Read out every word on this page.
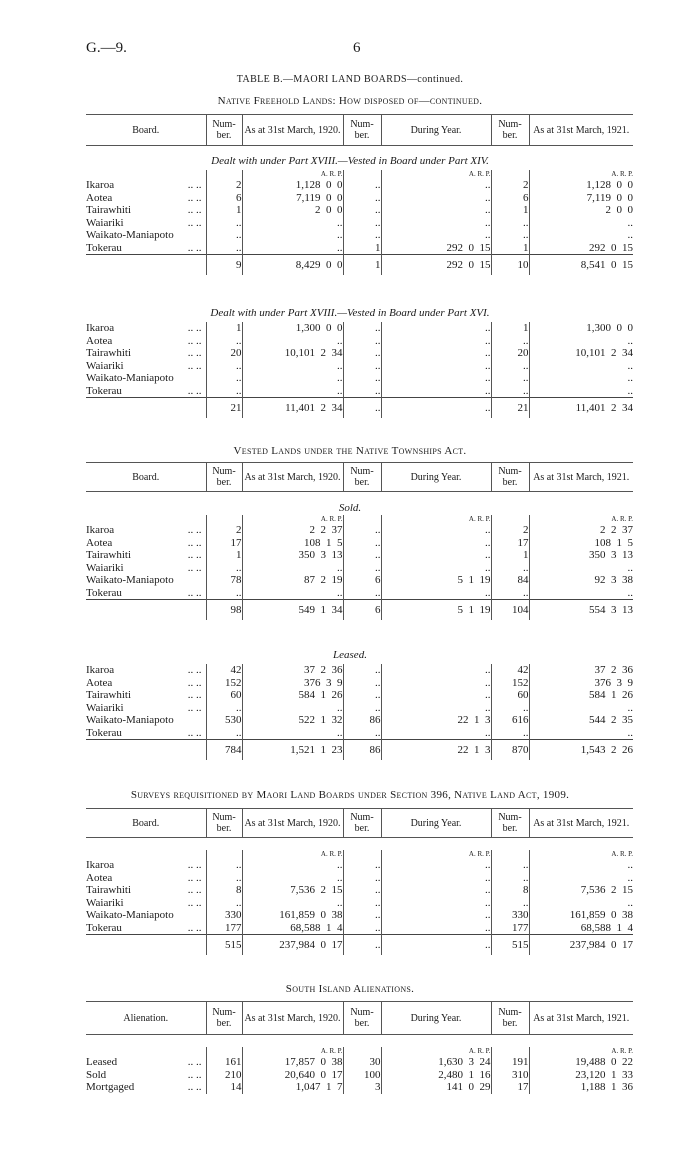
G.—9.	6
TABLE B.—MAORI LAND BOARDS—continued.
Native Freehold Lands: How disposed of—continued.
Board.	Num-ber.	As at 31st March, 1920.	Num-ber.	During Year.	Num-ber.	As at 31st March, 1921.
Dealt with under Part XVIII.—Vested in Board under Part XIV.
		A. R. P.		A. R. P.		A. R. P.
Ikaroa .. ..	2	1,128 0 0	..	..	2	1,128 0 0
Aotea .. ..	6	7,119 0 0	..	..	6	7,119 0 0
Tairawhiti .. ..	1	2 0 0	..	..	1	2 0 0
Waiariki .. ..	..	..	..	..	..	..
Waikato-Maniapoto	..	..	..	..	..	..
Tokerau .. ..	..	..	1	292 0 15	1	292 0 15
	9	8,429 0 0	1	292 0 15	10	8,541 0 15
Dealt with under Part XVIII.—Vested in Board under Part XVI.
Ikaroa .. ..	1	1,300 0 0	..	..	1	1,300 0 0
Aotea .. ..	..	..	..	..	..	..
Tairawhiti .. ..	20	10,101 2 34	..	..	20	10,101 2 34
Waiariki .. ..	..	..	..	..	..	..
Waikato-Maniapoto	..	..	..	..	..	..
Tokerau .. ..	..	..	..	..	..	..
	21	11,401 2 34	..	..	21	11,401 2 34
Vested Lands under the Native Townships Act.
Board.	Num-ber.	As at 31st March, 1920.	Num-ber.	During Year.	Num-ber.	As at 31st March, 1921.
Sold.
		A. R. P.		A. R. P.		A. R. P.
Ikaroa .. ..	2	2 2 37	..	..	2	2 2 37
Aotea .. ..	17	108 1 5	..	..	17	108 1 5
Tairawhiti .. ..	1	350 3 13	..	..	1	350 3 13
Waiariki .. ..	..	..	..	..	..	..
Waikato-Maniapoto	78	87 2 19	6	5 1 19	84	92 3 38
Tokerau .. ..	..	..	..	..	..	..
	98	549 1 34	6	5 1 19	104	554 3 13
Leased.
Ikaroa .. ..	42	37 2 36	..	..	42	37 2 36
Aotea .. ..	152	376 3 9	..	..	152	376 3 9
Tairawhiti .. ..	60	584 1 26	..	..	60	584 1 26
Waiariki .. ..	..	..	..	..	..	..
Waikato-Maniapoto	530	522 1 32	86	22 1 3	616	544 2 35
Tokerau .. ..	..	..	..	..	..	..
	784	1,521 1 23	86	22 1 3	870	1,543 2 26
Surveys requisitioned by Maori Land Boards under Section 396, Native Land Act, 1909.
Board.	Num-ber.	As at 31st March, 1920.	Num-ber.	During Year.	Num-ber.	As at 31st March, 1921.
		A. R. P.		A. R. P.		A. R. P.
Ikaroa .. ..	..	..	..	..	..	..
Aotea .. ..	..	..	..	..	..	..
Tairawhiti .. ..	8	7,536 2 15	..	..	8	7,536 2 15
Waiariki .. ..	..	..	..	..	..	..
Waikato-Maniapoto	330	161,859 0 38	..	..	330	161,859 0 38
Tokerau .. ..	177	68,588 1 4	..	..	177	68,588 1 4
	515	237,984 0 17	..	..	515	237,984 0 17
South Island Alienations.
Alienation.	Num-ber.	As at 31st March, 1920.	Num-ber.	During Year.	Num-ber.	As at 31st March, 1921.
		A. R. P.		A. R. P.		A. R. P.
Leased .. ..	161	17,857 0 38	30	1,630 3 24	191	19,488 0 22
Sold .. ..	210	20,640 0 17	100	2,480 1 16	310	23,120 1 33
Mortgaged .. ..	14	1,047 1 7	3	141 0 29	17	1,188 1 36
